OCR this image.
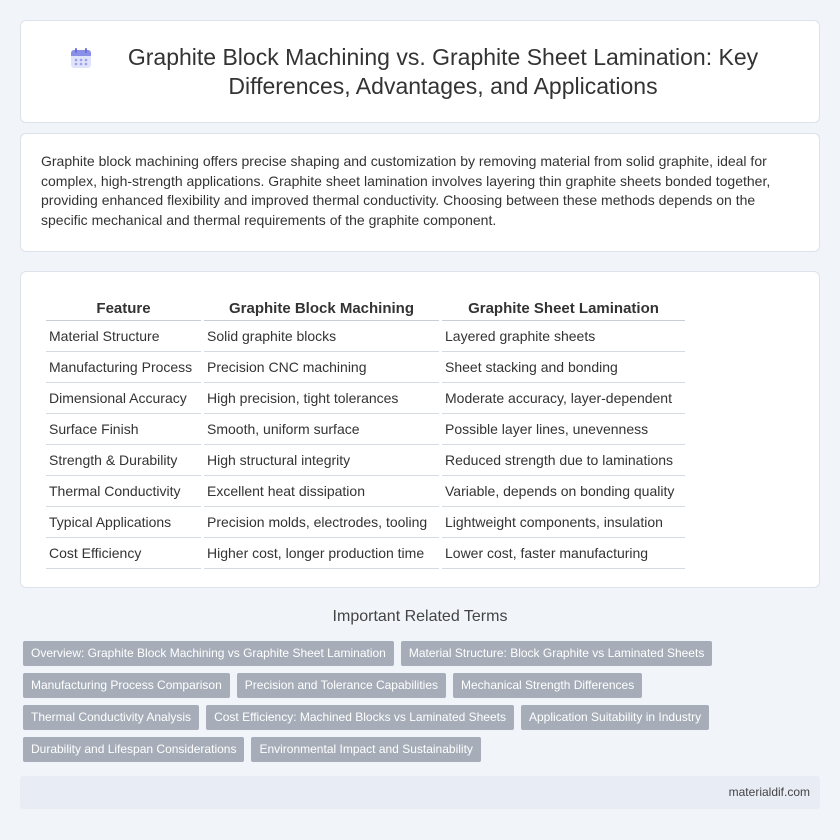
Graphite Block Machining vs. Graphite Sheet Lamination: Key Differences, Advantages, and Applications

Graphite block machining offers precise shaping and customization by removing material from solid graphite, ideal for complex, high-strength applications. Graphite sheet lamination involves layering thin graphite sheets bonded together, providing enhanced flexibility and improved thermal conductivity. Choosing between these methods depends on the specific mechanical and thermal requirements of the graphite component.

Feature	Graphite Block Machining	Graphite Sheet Lamination
Material Structure	Solid graphite blocks	Layered graphite sheets
Manufacturing Process	Precision CNC machining	Sheet stacking and bonding
Dimensional Accuracy	High precision, tight tolerances	Moderate accuracy, layer-dependent
Surface Finish	Smooth, uniform surface	Possible layer lines, unevenness
Strength & Durability	High structural integrity	Reduced strength due to laminations
Thermal Conductivity	Excellent heat dissipation	Variable, depends on bonding quality
Typical Applications	Precision molds, electrodes, tooling	Lightweight components, insulation
Cost Efficiency	Higher cost, longer production time	Lower cost, faster manufacturing
Important Related Terms
Overview: Graphite Block Machining vs Graphite Sheet Lamination	Material Structure: Block Graphite vs Laminated Sheets
Manufacturing Process Comparison	Precision and Tolerance Capabilities	Mechanical Strength Differences
Thermal Conductivity Analysis	Cost Efficiency: Machined Blocks vs Laminated Sheets	Application Suitability in Industry
Durability and Lifespan Considerations	Environmental Impact and Sustainability
materialdif.com
